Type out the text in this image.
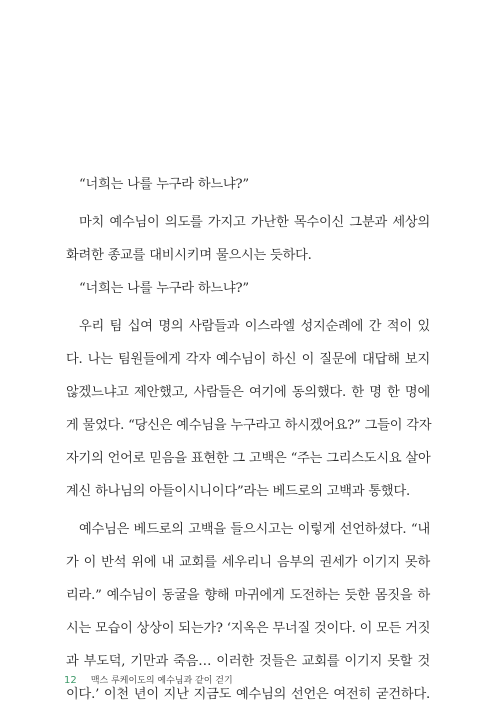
“너희는 나를 누구라 하느냐?”
마치 예수님이 의도를 가지고 가난한 목수이신 그분과 세상의
화려한 종교를 대비시키며 물으시는 듯하다.
“너희는 나를 누구라 하느냐?”
우리 팀 십여 명의 사람들과 이스라엘 성지순례에 간 적이 있
다. 나는 팀원들에게 각자 예수님이 하신 이 질문에 대답해 보지
않겠느냐고 제안했고, 사람들은 여기에 동의했다. 한 명 한 명에
게 물었다. “당신은 예수님을 누구라고 하시겠어요?” 그들이 각자
자기의 언어로 믿음을 표현한 그 고백은 “주는 그리스도시요 살아
계신 하나님의 아들이시니이다”라는 베드로의 고백과 통했다.
예수님은 베드로의 고백을 들으시고는 이렇게 선언하셨다. “내
가 이 반석 위에 내 교회를 세우리니 음부의 권세가 이기지 못하
리라.” 예수님이 동굴을 향해 마귀에게 도전하는 듯한 몸짓을 하
시는 모습이 상상이 되는가? ‘지옥은 무너질 것이다. 이 모든 거짓
과 부도덕, 기만과 죽음… 이러한 것들은 교회를 이기지 못할 것
이다.’ 이천 년이 지난 지금도 예수님의 선언은 여전히 굳건하다.
12 맥스 루케이도의 예수님과 같이 걷기
